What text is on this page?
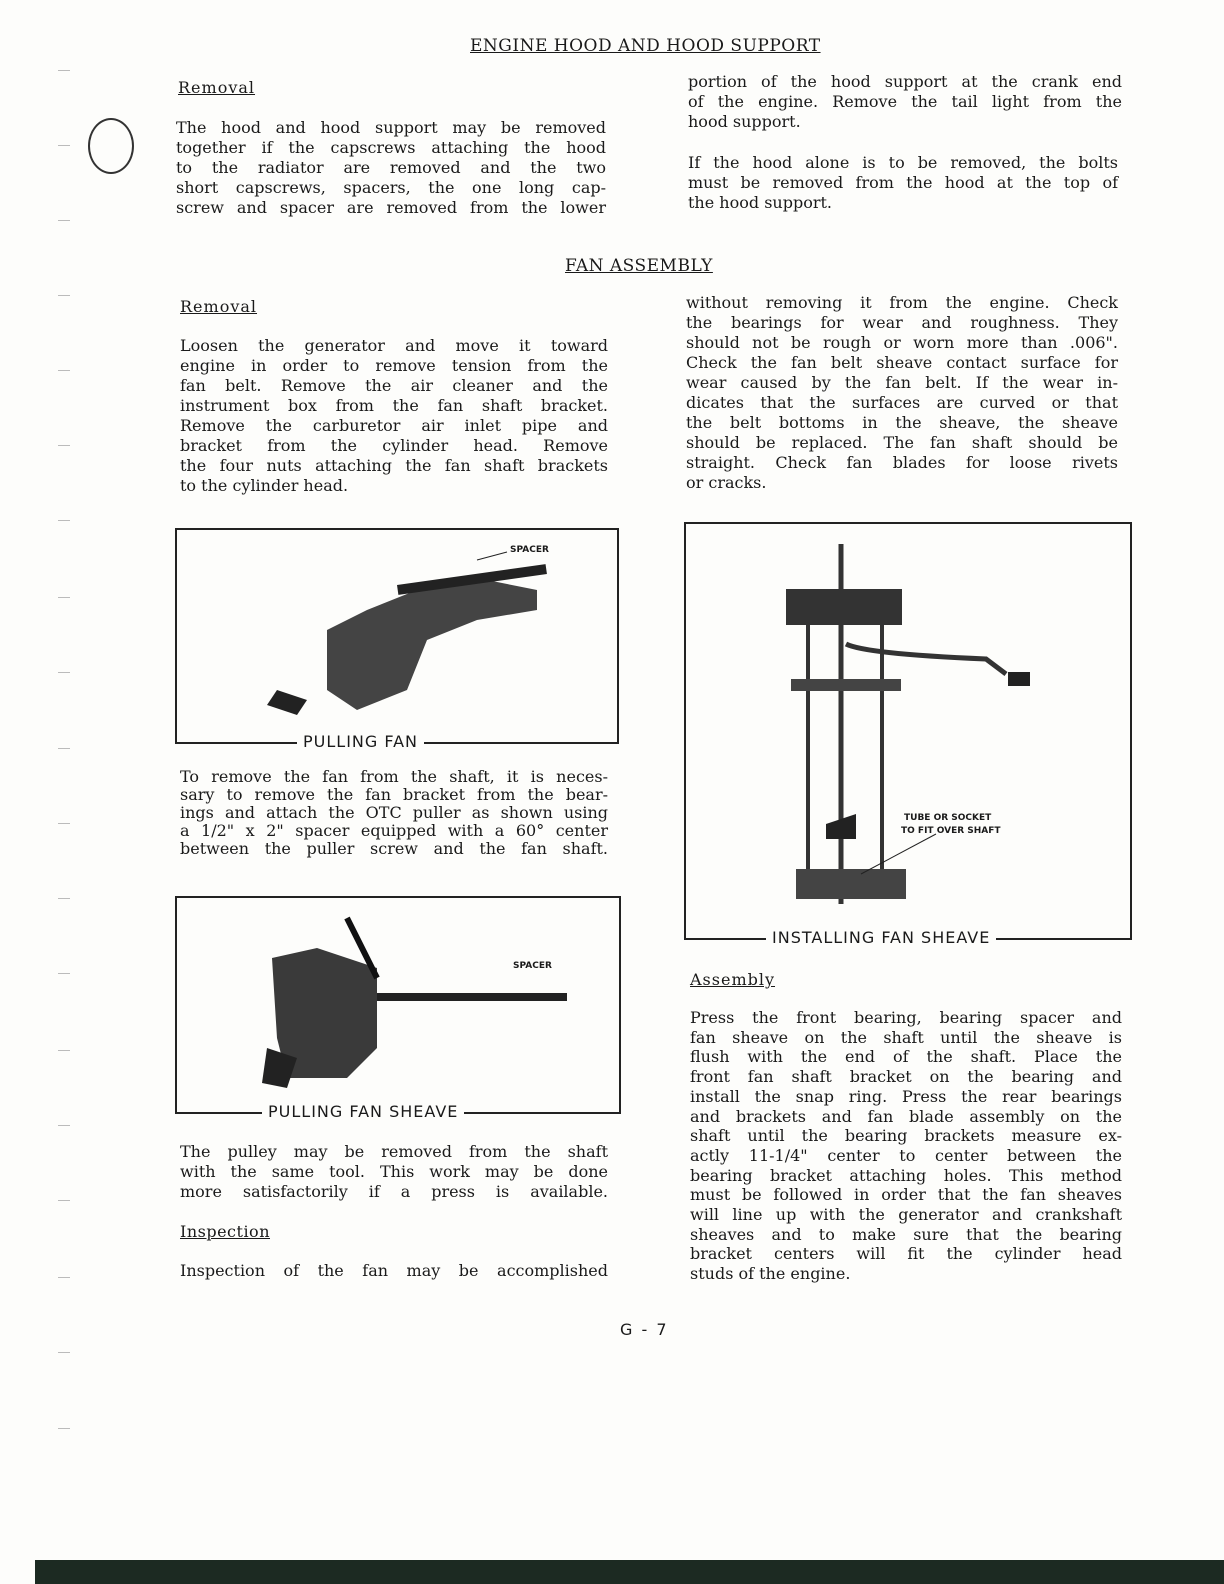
ENGINE HOOD AND HOOD SUPPORT
Removal
The hood and hood support may be removed
together if the capscrews attaching the hood
to the radiator are removed and the two
short capscrews, spacers, the one long cap-
screw and spacer are removed from the lower
portion of the hood support at the crank end
of the engine. Remove the tail light from the
hood support.
If the hood alone is to be removed, the bolts
must be removed from the hood at the top of
the hood support.
FAN ASSEMBLY
Removal
Loosen the generator and move it toward
engine in order to remove tension from the
fan belt. Remove the air cleaner and the
instrument box from the fan shaft bracket.
Remove the carburetor air inlet pipe and
bracket from the cylinder head. Remove
the four nuts attaching the fan shaft brackets
to the cylinder head.
without removing it from the engine. Check
the bearings for wear and roughness. They
should not be rough or worn more than .006".
Check the fan belt sheave contact surface for
wear caused by the fan belt. If the wear in-
dicates that the surfaces are curved or that
the belt bottoms in the sheave, the sheave
should be replaced. The fan shaft should be
straight. Check fan blades for loose rivets
or cracks.
SPACER
PULLING FAN
To remove the fan from the shaft, it is neces-
sary to remove the fan bracket from the bear-
ings and attach the OTC puller as shown using
a 1/2" x 2" spacer equipped with a 60° center
between the puller screw and the fan shaft.
SPACER
PULLING FAN SHEAVE
The pulley may be removed from the shaft
with the same tool. This work may be done
more satisfactorily if a press is available.
Inspection
Inspection of the fan may be accomplished
TUBE OR SOCKET
TO FIT OVER SHAFT
INSTALLING FAN SHEAVE
Assembly
Press the front bearing, bearing spacer and
fan sheave on the shaft until the sheave is
flush with the end of the shaft. Place the
front fan shaft bracket on the bearing and
install the snap ring. Press the rear bearings
and brackets and fan blade assembly on the
shaft until the bearing brackets measure ex-
actly 11-1/4" center to center between the
bearing bracket attaching holes. This method
must be followed in order that the fan sheaves
will line up with the generator and crankshaft
sheaves and to make sure that the bearing
bracket centers will fit the cylinder head
studs of the engine.
G - 7
